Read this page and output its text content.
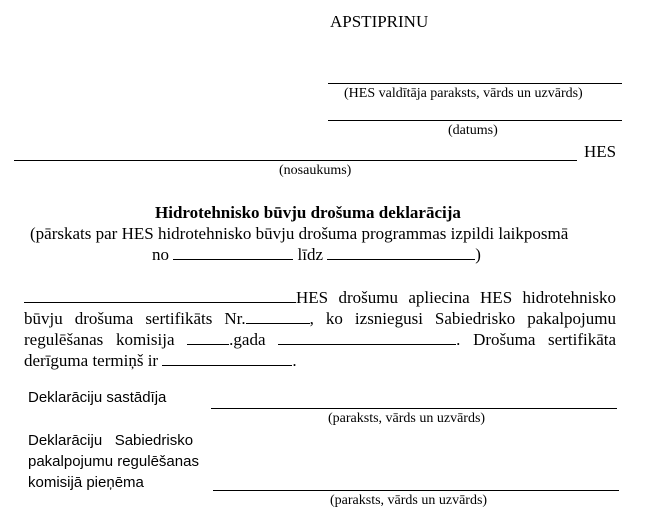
APSTIPRINU
(HES valdītāja paraksts, vārds un uzvārds)
(datums)
HES
(nosaukums)
Hidrotehnisko būvju drošuma deklarācija
(pārskats par HES hidrotehnisko būvju drošuma programmas izpildi laikposmā
no	līdz	)
HES drošumu apliecina HES hidrotehnisko būvju drošuma sertifikāts Nr.	, ko izsniegusi Sabiedrisko pakalpojumu regulēšanas komisija	.gada	. Drošuma sertifikāta derīguma termiņš ir	.
Deklarāciju sastādīja
(paraksts, vārds un uzvārds)
Deklarāciju   Sabiedrisko
pakalpojumu regulēšanas
komisijā pieņēma
(paraksts, vārds un uzvārds)
